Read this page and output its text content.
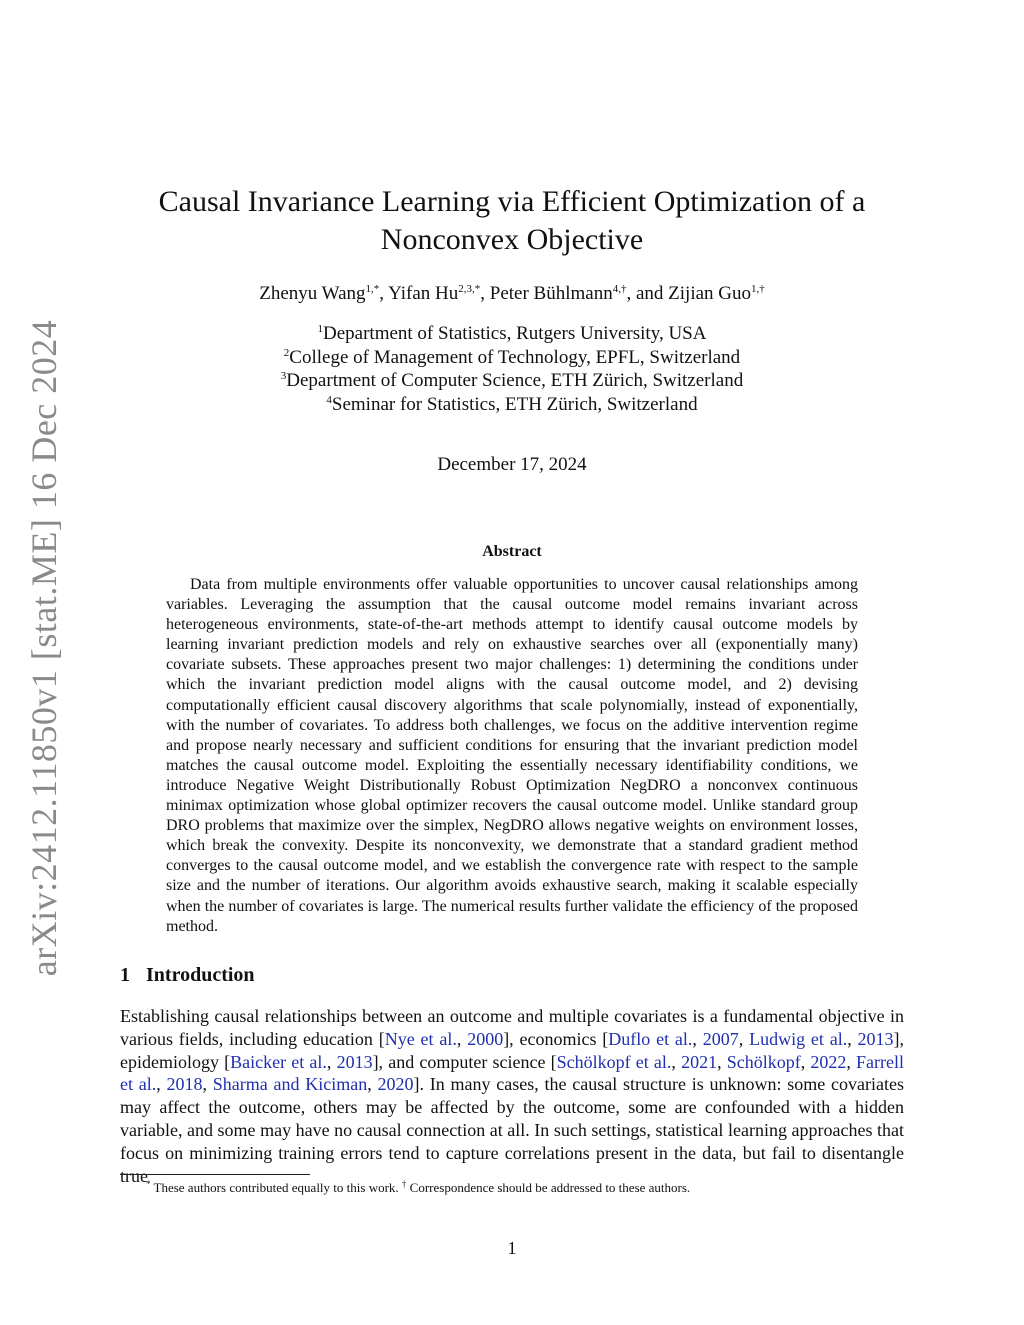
arXiv:2412.11850v1 [stat.ME] 16 Dec 2024
Causal Invariance Learning via Efficient Optimization of a Nonconvex Objective
Zhenyu Wang$^{1,*}$, Yifan $Hu^{2,3,*}$, Peter Bühlmann$^{4,\dagger}$, and Zijian Guo$^{1,\dagger}$
$^1$Department of Statistics, Rutgers University, USA
$^2$College of Management of Technology, EPFL, Switzerland
$^3$Department of Computer Science, ETH Zürich, Switzerland
$^4$Seminar for Statistics, ETH Zürich, Switzerland
December 17, 2024
Abstract
Data from multiple environments offer valuable opportunities to uncover causal relationships among variables. Leveraging the assumption that the causal outcome model remains invariant across heterogeneous environments, state-of-the-art methods attempt to identify causal outcome models by learning invariant prediction models and rely on exhaustive searches over all (exponentially many) covariate subsets. These approaches present two major challenges: 1) determining the conditions under which the invariant prediction model aligns with the causal outcome model, and 2) devising computationally efficient causal discovery algorithms that scale polynomially, instead of exponentially, with the number of covariates. To address both challenges, we focus on the additive intervention regime and propose nearly necessary and sufficient conditions for ensuring that the invariant prediction model matches the causal outcome model. Exploiting the essentially necessary identifiability conditions, we introduce Negative Weight Distributionally Robust Optimization NegDRO a nonconvex continuous minimax optimization whose global optimizer recovers the causal outcome model. Unlike standard group DRO problems that maximize over the simplex, NegDRO allows negative weights on environment losses, which break the convexity. Despite its nonconvexity, we demonstrate that a standard gradient method converges to the causal outcome model, and we establish the convergence rate with respect to the sample size and the number of iterations. Our algorithm avoids exhaustive search, making it scalable especially when the number of covariates is large. The numerical results further validate the efficiency of the proposed method.
1 Introduction
Establishing causal relationships between an outcome and multiple covariates is a fundamental objective in various fields, including education [Nye et al., 2000], economics [Duflo et al., 2007, Ludwig et al., 2013], epidemiology [Baicker et al., 2013], and computer science [Schölkopf et al., 2021, Schölkopf, 2022, Farrell et al., 2018, Sharma and Kiciman, 2020]. In many cases, the causal structure is unknown: some covariates may affect the outcome, others may be affected by the outcome, some are confounded with a hidden variable, and some may have no causal connection at all. In such settings, statistical learning approaches that focus on minimizing training errors tend to capture correlations present in the data, but fail to disentangle true
* These authors contributed equally to this work. † Correspondence should be addressed to these authors.
1
